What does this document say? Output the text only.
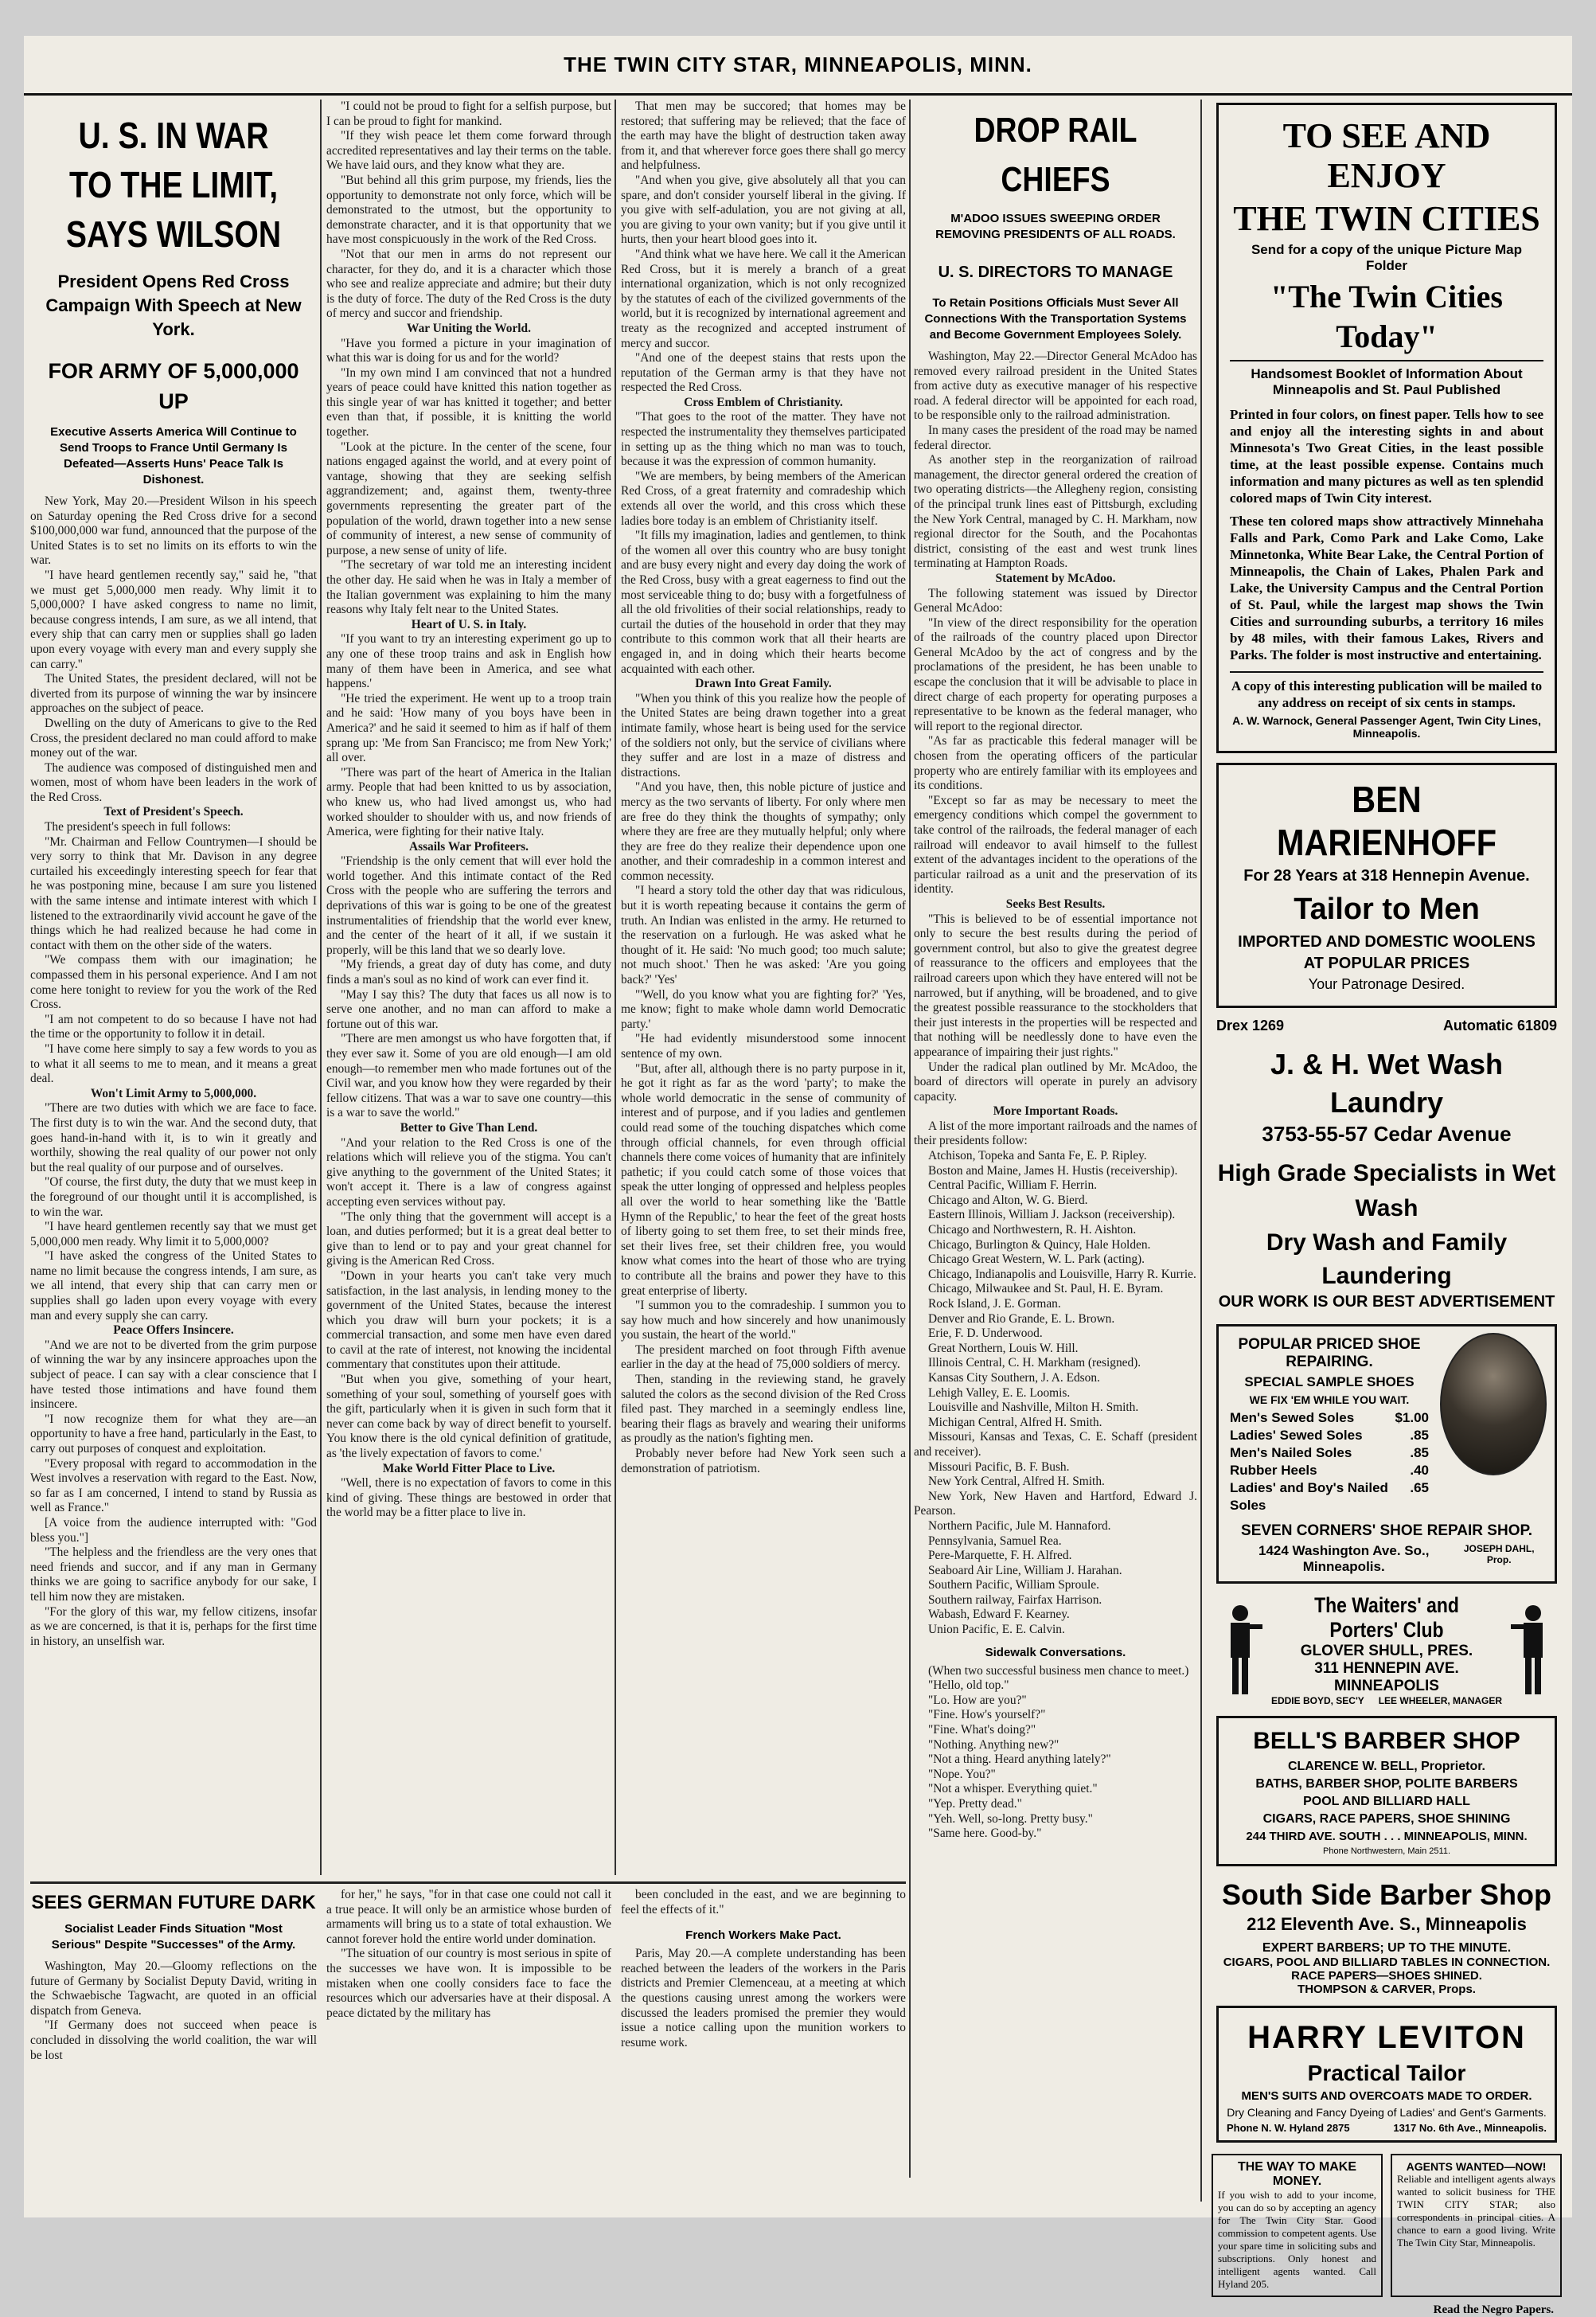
THE TWIN CITY STAR, MINNEAPOLIS, MINN.
U. S. IN WAR
TO THE LIMIT,
SAYS WILSON
President Opens Red Cross Campaign With Speech at New York.
FOR ARMY OF 5,000,000 UP
Executive Asserts America Will Continue to Send Troops to France Until Germany Is Defeated—Asserts Huns' Peace Talk Is Dishonest.

New York, May 20.—President Wilson in his speech on Saturday opening the Red Cross drive for a second $100,000,000 war fund, announced that the purpose of the United States is to set no limits on its efforts to win the war.

"I have heard gentlemen recently say," said he, "that we must get 5,000,000 men ready. Why limit it to 5,000,000? I have asked congress to name no limit, because congress intends, I am sure, as we all intend, that every ship that can carry men or supplies shall go laden upon every voyage with every man and every supply she can carry."

The United States, the president declared, will not be diverted from its purpose of winning the war by insincere approaches on the subject of peace.

Dwelling on the duty of Americans to give to the Red Cross, the president declared no man could afford to make money out of the war.

The audience was composed of distinguished men and women, most of whom have been leaders in the work of the Red Cross.

Text of President's Speech.

The president's speech in full follows:

"Mr. Chairman and Fellow Countrymen—I should be very sorry to think that Mr. Davison in any degree curtailed his exceedingly interesting speech for fear that he was postponing mine, because I am sure you listened with the same intense and intimate interest with which I listened to the extraordinarily vivid account he gave of the things which he had realized because he had come in contact with them on the other side of the waters.

"We compass them with our imagination; he compassed them in his personal experience. And I am not come here tonight to review for you the work of the Red Cross.

"I am not competent to do so because I have not had the time or the opportunity to follow it in detail.

"I have come here simply to say a few words to you as to what it all seems to me to mean, and it means a great deal.

Won't Limit Army to 5,000,000.

"There are two duties with which we are face to face. The first duty is to win the war. And the second duty, that goes hand-in-hand with it, is to win it greatly and worthily, showing the real quality of our power not only but the real quality of our purpose and of ourselves.

"Of course, the first duty, the duty that we must keep in the foreground of our thought until it is accomplished, is to win the war.

"I have heard gentlemen recently say that we must get 5,000,000 men ready. Why limit it to 5,000,000?

"I have asked the congress of the United States to name no limit because the congress intends, I am sure, as we all intend, that every ship that can carry men or supplies shall go laden upon every voyage with every man and every supply she can carry.

Peace Offers Insincere.

"And we are not to be diverted from the grim purpose of winning the war by any insincere approaches upon the subject of peace. I can say with a clear conscience that I have tested those intimations and have found them insincere.

"I now recognize them for what they are—an opportunity to have a free hand, particularly in the East, to carry out purposes of conquest and exploitation.

"Every proposal with regard to accommodation in the West involves a reservation with regard to the East. Now, so far as I am concerned, I intend to stand by Russia as well as France."

[A voice from the audience interrupted with: "God bless you."]

"The helpless and the friendless are the very ones that need friends and succor, and if any man in Germany thinks we are going to sacrifice anybody for our sake, I tell him now they are mistaken.

"For the glory of this war, my fellow citizens, insofar as we are concerned, is that it is, perhaps for the first time in history, an unselfish war.

"I could not be proud to fight for a selfish purpose, but I can be proud to fight for mankind.

"If they wish peace let them come forward through accredited representatives and lay their terms on the table. We have laid ours, and they know what they are.

"But behind all this grim purpose, my friends, lies the opportunity to demonstrate not only force, which will be demonstrated to the utmost, but the opportunity to demonstrate character, and it is that opportunity that we have most conspicuously in the work of the Red Cross.

"Not that our men in arms do not represent our character, for they do, and it is a character which those who see and realize appreciate and admire; but their duty is the duty of force. The duty of the Red Cross is the duty of mercy and succor and friendship.

War Uniting the World.

"Have you formed a picture in your imagination of what this war is doing for us and for the world?

"In my own mind I am convinced that not a hundred years of peace could have knitted this nation together as this single year of war has knitted it together; and better even than that, if possible, it is knitting the world together.

"Look at the picture. In the center of the scene, four nations engaged against the world, and at every point of vantage, showing that they are seeking selfish aggrandizement; and, against them, twenty-three governments representing the greater part of the population of the world, drawn together into a new sense of community of interest, a new sense of community of purpose, a new sense of unity of life.

"The secretary of war told me an interesting incident the other day. He said when he was in Italy a member of the Italian government was explaining to him the many reasons why Italy felt near to the United States.

Heart of U. S. in Italy.

"If you want to try an interesting experiment go up to any one of these troop trains and ask in English how many of them have been in America, and see what happens.'

"He tried the experiment. He went up to a troop train and he said: 'How many of you boys have been in America?' and he said it seemed to him as if half of them sprang up: 'Me from San Francisco; me from New York;' all over.

"There was part of the heart of America in the Italian army. People that had been knitted to us by association, who knew us, who had lived amongst us, who had worked shoulder to shoulder with us, and now friends of America, were fighting for their native Italy.

Assails War Profiteers.

"Friendship is the only cement that will ever hold the world together. And this intimate contact of the Red Cross with the people who are suffering the terrors and deprivations of this war is going to be one of the greatest instrumentalities of friendship that the world ever knew, and the center of the heart of it all, if we sustain it properly, will be this land that we so dearly love.

"My friends, a great day of duty has come, and duty finds a man's soul as no kind of work can ever find it.

"May I say this? The duty that faces us all now is to serve one another, and no man can afford to make a fortune out of this war.

"There are men amongst us who have forgotten that, if they ever saw it. Some of you are old enough—I am old enough—to remember men who made fortunes out of the Civil war, and you know how they were regarded by their fellow citizens. That was a war to save one country—this is a war to save the world."

Better to Give Than Lend.

"And your relation to the Red Cross is one of the relations which will relieve you of the stigma. You can't give anything to the government of the United States; it won't accept it. There is a law of congress against accepting even services without pay.

"The only thing that the government will accept is a loan, and duties performed; but it is a great deal better to give than to lend or to pay and your great channel for giving is the American Red Cross.

"Down in your hearts you can't take very much satisfaction, in the last analysis, in lending money to the government of the United States, because the interest which you draw will burn your pockets; it is a commercial transaction, and some men have even dared to cavil at the rate of interest, not knowing the incidental commentary that constitutes upon their attitude.

"But when you give, something of your heart, something of your soul, something of yourself goes with the gift, particularly when it is given in such form that it never can come back by way of direct benefit to yourself. You know there is the old cynical definition of gratitude, as 'the lively expectation of favors to come.'

Make World Fitter Place to Live.

"Well, there is no expectation of favors to come in this kind of giving. These things are bestowed in order that the world may be a fitter place to live in.

That men may be succored; that homes may be restored; that suffering may be relieved; that the face of the earth may have the blight of destruction taken away from it, and that wherever force goes there shall go mercy and helpfulness.

"And when you give, give absolutely all that you can spare, and don't consider yourself liberal in the giving. If you give with self-adulation, you are not giving at all, you are giving to your own vanity; but if you give until it hurts, then your heart blood goes into it.

"And think what we have here. We call it the American Red Cross, but it is merely a branch of a great international organization, which is not only recognized by the statutes of each of the civilized governments of the world, but it is recognized by international agreement and treaty as the recognized and accepted instrument of mercy and succor.

"And one of the deepest stains that rests upon the reputation of the German army is that they have not respected the Red Cross.

Cross Emblem of Christianity.

"That goes to the root of the matter. They have not respected the instrumentality they themselves participated in setting up as the thing which no man was to touch, because it was the expression of common humanity.

"We are members, by being members of the American Red Cross, of a great fraternity and comradeship which extends all over the world, and this cross which these ladies bore today is an emblem of Christianity itself.

"It fills my imagination, ladies and gentlemen, to think of the women all over this country who are busy tonight and are busy every night and every day doing the work of the Red Cross, busy with a great eagerness to find out the most serviceable thing to do; busy with a forgetfulness of all the old frivolities of their social relationships, ready to curtail the duties of the household in order that they may contribute to this common work that all their hearts are engaged in, and in doing which their hearts become acquainted with each other.

Drawn Into Great Family.

"When you think of this you realize how the people of the United States are being drawn together into a great intimate family, whose heart is being used for the service of the soldiers not only, but the service of civilians where they suffer and are lost in a maze of distress and distractions.

"And you have, then, this noble picture of justice and mercy as the two servants of liberty. For only where men are free do they think the thoughts of sympathy; only where they are free are they mutually helpful; only where they are free do they realize their dependence upon one another, and their comradeship in a common interest and common necessity.

"I heard a story told the other day that was ridiculous, but it is worth repeating because it contains the germ of truth. An Indian was enlisted in the army. He returned to the reservation on a furlough. He was asked what he thought of it. He said: 'No much good; too much salute; not much shoot.' Then he was asked: 'Are you going back?' 'Yes'

"'Well, do you know what you are fighting for?' 'Yes, me know; fight to make whole damn world Democratic party.'

"He had evidently misunderstood some innocent sentence of my own.

"But, after all, although there is no party purpose in it, he got it right as far as the word 'party'; to make the whole world democratic in the sense of community of interest and of purpose, and if you ladies and gentlemen could read some of the touching dispatches which come through official channels, for even through official channels there come voices of humanity that are infinitely pathetic; if you could catch some of those voices that speak the utter longing of oppressed and helpless peoples all over the world to hear something like the 'Battle Hymn of the Republic,' to hear the feet of the great hosts of liberty going to set them free, to set their minds free, set their lives free, set their children free, you would know what comes into the heart of those who are trying to contribute all the brains and power they have to this great enterprise of liberty.

"I summon you to the comradeship. I summon you to say how much and how sincerely and how unanimously you sustain, the heart of the world."

The president marched on foot through Fifth avenue earlier in the day at the head of 75,000 soldiers of mercy.

Then, standing in the reviewing stand, he gravely saluted the colors as the second division of the Red Cross filed past. They marched in a seemingly endless line, bearing their flags as bravely and wearing their uniforms as proudly as the nation's fighting men.

Probably never before had New York seen such a demonstration of patriotism.

SEES GERMAN FUTURE DARK
Socialist Leader Finds Situation "Most Serious" Despite "Successes" of the Army.

Washington, May 20.—Gloomy reflections on the future of Germany by Socialist Deputy David, writing in the Schwaebische Tagwacht, are quoted in an official dispatch from Geneva.

"If Germany does not succeed when peace is concluded in dissolving the world coalition, the war will be lost

for her," he says, "for in that case one could not call it a true peace. It will only be an armistice whose burden of armaments will bring us to a state of total exhaustion. We cannot forever hold the entire world under domination.

"The situation of our country is most serious in spite of the successes we have won. It is impossible to be mistaken when one coolly considers face to face the resources which our adversaries have at their disposal. A peace dictated by the military has

been concluded in the east, and we are beginning to feel the effects of it."

French Workers Make Pact.

Paris, May 20.—A complete understanding has been reached between the leaders of the workers in the Paris districts and Premier Clemenceau, at a meeting at which the questions causing unrest among the workers were discussed the leaders promised the premier they would issue a notice calling upon the munition workers to resume work.

DROP RAIL CHIEFS
M'ADOO ISSUES SWEEPING ORDER REMOVING PRESIDENTS OF ALL ROADS.
U. S. DIRECTORS TO MANAGE
To Retain Positions Officials Must Sever All Connections With the Transportation Systems and Become Government Employees Solely.

Washington, May 22.—Director General McAdoo has removed every railroad president in the United States from active duty as executive manager of his respective road. A federal director will be appointed for each road, to be responsible only to the railroad administration.

In many cases the president of the road may be named federal director.

As another step in the reorganization of railroad management, the director general ordered the creation of two operating districts—the Allegheny region, consisting of the principal trunk lines east of Pittsburgh, excluding the New York Central, managed by C. H. Markham, now regional director for the South, and the Pocahontas district, consisting of the east and west trunk lines terminating at Hampton Roads.

Statement by McAdoo.

The following statement was issued by Director General McAdoo:

"In view of the direct responsibility for the operation of the railroads of the country placed upon Director General McAdoo by the act of congress and by the proclamations of the president, he has been unable to escape the conclusion that it will be advisable to place in direct charge of each property for operating purposes a representative to be known as the federal manager, who will report to the regional director.

"As far as practicable this federal manager will be chosen from the operating officers of the particular property who are entirely familiar with its employees and its conditions.

"Except so far as may be necessary to meet the emergency conditions which compel the government to take control of the railroads, the federal manager of each railroad will endeavor to avail himself to the fullest extent of the advantages incident to the operations of the particular railroad as a unit and the preservation of its identity.

Seeks Best Results.

"This is believed to be of essential importance not only to secure the best results during the period of government control, but also to give the greatest degree of reassurance to the officers and employees that the railroad careers upon which they have entered will not be narrowed, but if anything, will be broadened, and to give the greatest possible reassurance to the stockholders that their just interests in the properties will be respected and that nothing will be needlessly done to have even the appearance of impairing their just rights."

Under the radical plan outlined by Mr. McAdoo, the board of directors will operate in purely an advisory capacity.

More Important Roads.

A list of the more important railroads and the names of their presidents follow:

Atchison, Topeka and Santa Fe, E. P. Ripley.

Boston and Maine, James H. Hustis (receivership).

Central Pacific, William F. Herrin.

Chicago and Alton, W. G. Bierd.

Eastern Illinois, William J. Jackson (receivership).

Chicago and Northwestern, R. H. Aishton.

Chicago, Burlington & Quincy, Hale Holden.

Chicago Great Western, W. L. Park (acting).

Chicago, Indianapolis and Louisville, Harry R. Kurrie.

Chicago, Milwaukee and St. Paul, H. E. Byram.

Rock Island, J. E. Gorman.

Denver and Rio Grande, E. L. Brown.

Erie, F. D. Underwood.

Great Northern, Louis W. Hill.

Illinois Central, C. H. Markham (resigned).

Kansas City Southern, J. A. Edson.

Lehigh Valley, E. E. Loomis.

Louisville and Nashville, Milton H. Smith.

Michigan Central, Alfred H. Smith.

Missouri, Kansas and Texas, C. E. Schaff (president and receiver).

Missouri Pacific, B. F. Bush.

New York Central, Alfred H. Smith.

New York, New Haven and Hartford, Edward J. Pearson.

Northern Pacific, Jule M. Hannaford.

Pennsylvania, Samuel Rea.

Pere-Marquette, F. H. Alfred.

Seaboard Air Line, William J. Harahan.

Southern Pacific, William Sproule.

Southern railway, Fairfax Harrison.

Wabash, Edward F. Kearney.

Union Pacific, E. E. Calvin.

Sidewalk Conversations.

(When two successful business men chance to meet.)

"Hello, old top."

"Lo. How are you?"

"Fine. How's yourself?"

"Fine. What's doing?"

"Nothing. Anything new?"

"Not a thing. Heard anything lately?"

"Nope. You?"

"Not a whisper. Everything quiet."

"Yep. Pretty dead."

"Yeh. Well, so-long. Pretty busy."

"Same here. Good-by."

TO SEE AND ENJOY
THE TWIN CITIES
Send for a copy of the unique Picture Map Folder
"The Twin Cities Today"
Handsomest Booklet of Information About Minneapolis and St. Paul Published
Printed in four colors, on finest paper. Tells how to see and enjoy all the interesting sights in and about Minnesota's Two Great Cities, in the least possible time, at the least possible expense. Contains much information and many pictures as well as ten splendid colored maps of Twin City interest.
These ten colored maps show attractively Minnehaha Falls and Park, Como Park and Lake Como, Lake Minnetonka, White Bear Lake, the Central Portion of Minneapolis, the Chain of Lakes, Phalen Park and Lake, the University Campus and the Central Portion of St. Paul, while the largest map shows the Twin Cities and surrounding suburbs, a territory 16 miles by 48 miles, with their famous Lakes, Rivers and Parks. The folder is most instructive and entertaining.
A copy of this interesting publication will be mailed to any address on receipt of six cents in stamps.
A. W. Warnock, General Passenger Agent, Twin City Lines, Minneapolis.
BEN MARIENHOFF
For 28 Years at 318 Hennepin Avenue.
Tailor to Men
IMPORTED AND DOMESTIC WOOLENS
AT POPULAR PRICES
Your Patronage Desired.
Drex 1269	Automatic 61809
J. & H. Wet Wash Laundry
3753-55-57 Cedar Avenue
High Grade Specialists in Wet Wash
Dry Wash and Family Laundering
OUR WORK IS OUR BEST ADVERTISEMENT
POPULAR PRICED SHOE REPAIRING.
SPECIAL SAMPLE SHOES
WE FIX 'EM WHILE YOU WAIT.
Men's Sewed Soles	$1.00
Ladies' Sewed Soles	.85
Men's Nailed Soles	.85
Rubber Heels	.40
Ladies' and Boy's Nailed Soles
.65
SEVEN CORNERS' SHOE REPAIR SHOP.
1424 Washington Ave. So., Minneapolis.
JOSEPH DAHL, Prop.
The Waiters' and Porters' Club
GLOVER SHULL, PRES.
311 HENNEPIN AVE. MINNEAPOLIS
EDDIE BOYD, SEC'Y LEE WHEELER, MANAGER
BELL'S BARBER SHOP
CLARENCE W. BELL, Proprietor.
BATHS, BARBER SHOP, POLITE BARBERS
POOL AND BILLIARD HALL
CIGARS, RACE PAPERS, SHOE SHINING
244 THIRD AVE. SOUTH . . . MINNEAPOLIS, MINN.
Phone Northwestern, Main 2511.
South Side Barber Shop
212 Eleventh Ave. S., Minneapolis
EXPERT BARBERS; UP TO THE MINUTE.
CIGARS, POOL AND BILLIARD TABLES IN CONNECTION.
RACE PAPERS—SHOES SHINED.
THOMPSON & CARVER, Props.
HARRY LEVITON
Practical Tailor
MEN'S SUITS AND OVERCOATS MADE TO ORDER.
Dry Cleaning and Fancy Dyeing of Ladies' and Gent's Garments.
Phone N. W. Hyland 2875	1317 No. 6th Ave., Minneapolis.
THE WAY TO MAKE MONEY.
If you wish to add to your income, you can do so by accepting an agency for The Twin City Star. Good commission to competent agents. Use your spare time in soliciting subs and subscriptions. Only honest and intelligent agents wanted. Call Hyland 205.
AGENTS WANTED—NOW!
Reliable and intelligent agents always wanted to solicit business for THE TWIN CITY STAR; also correspondents in principal cities. A chance to earn a good living. Write The Twin City Star, Minneapolis.
Read the Negro Papers.
